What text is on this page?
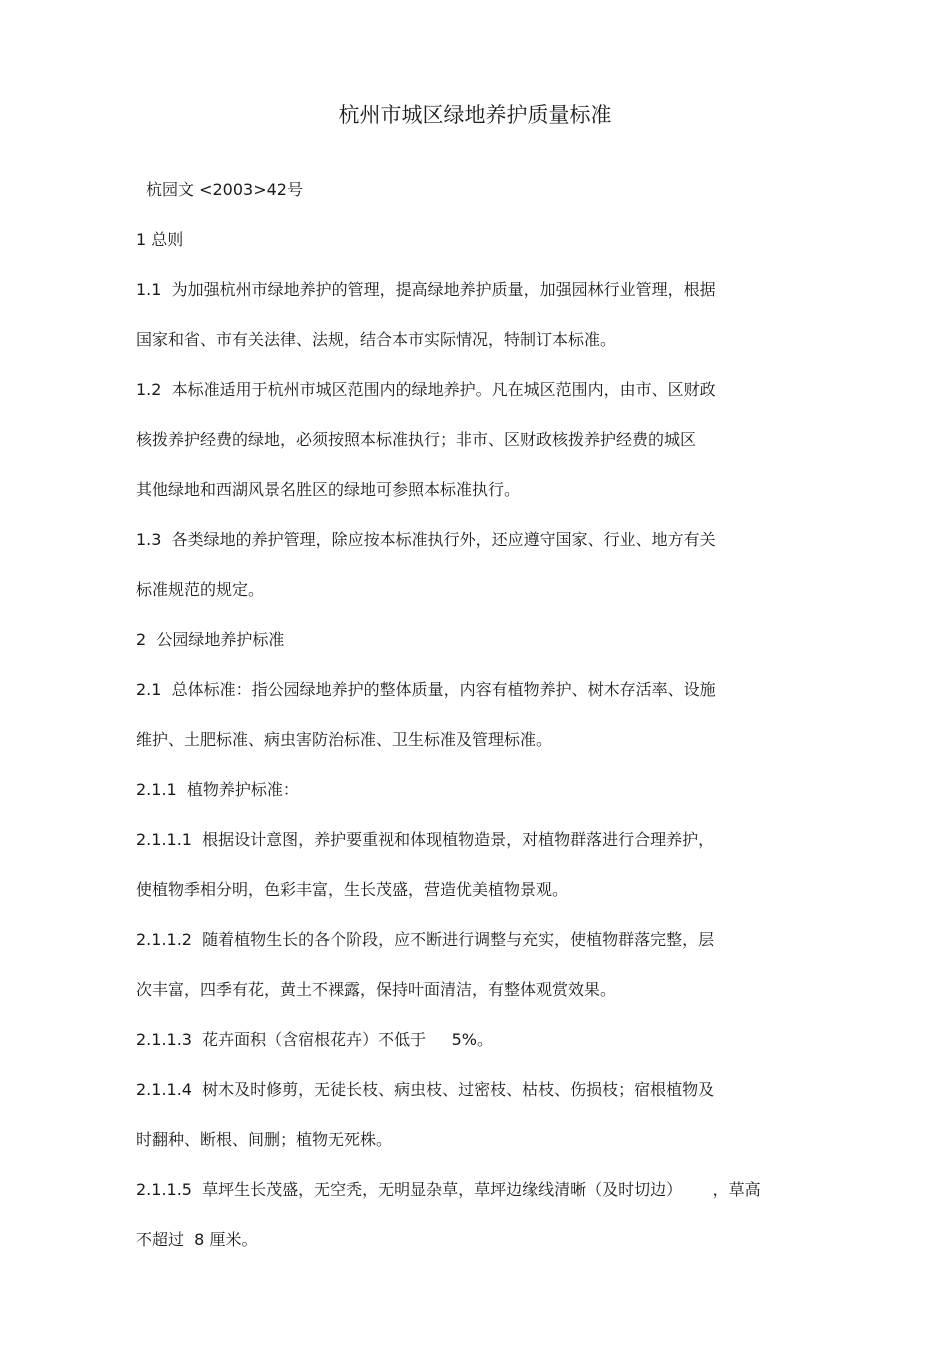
杭州市城区绿地养护质量标准
杭园文 <2003>42号
1 总则
1.1  为加强杭州市绿地养护的管理，提高绿地养护质量，加强园林行业管理，根据
国家和省、市有关法律、法规，结合本市实际情况，特制订本标准。
1.2  本标准适用于杭州市城区范围内的绿地养护。凡在城区范围内，由市、区财政
核拨养护经费的绿地，必须按照本标准执行；非市、区财政核拨养护经费的城区
其他绿地和西湖风景名胜区的绿地可参照本标准执行。
1.3  各类绿地的养护管理，除应按本标准执行外，还应遵守国家、行业、地方有关
标准规范的规定。
2  公园绿地养护标准
2.1  总体标准：指公园绿地养护的整体质量，内容有植物养护、树木存活率、设施
维护、土肥标准、病虫害防治标准、卫生标准及管理标准。
2.1.1  植物养护标准：
2.1.1.1  根据设计意图，养护要重视和体现植物造景，对植物群落进行合理养护，
使植物季相分明，色彩丰富，生长茂盛，营造优美植物景观。
2.1.1.2  随着植物生长的各个阶段，应不断进行调整与充实，使植物群落完整，层
次丰富，四季有花，黄土不裸露，保持叶面清洁，有整体观赏效果。
2.1.1.3  花卉面积（含宿根花卉）不低于     5%。
2.1.1.4  树木及时修剪，无徒长枝、病虫枝、过密枝、枯枝、伤损枝；宿根植物及
时翻种、断根、间删；植物无死株。
2.1.1.5  草坪生长茂盛，无空秃，无明显杂草，草坪边缘线清晰（及时切边）      ，草高
不超过  8 厘米。
